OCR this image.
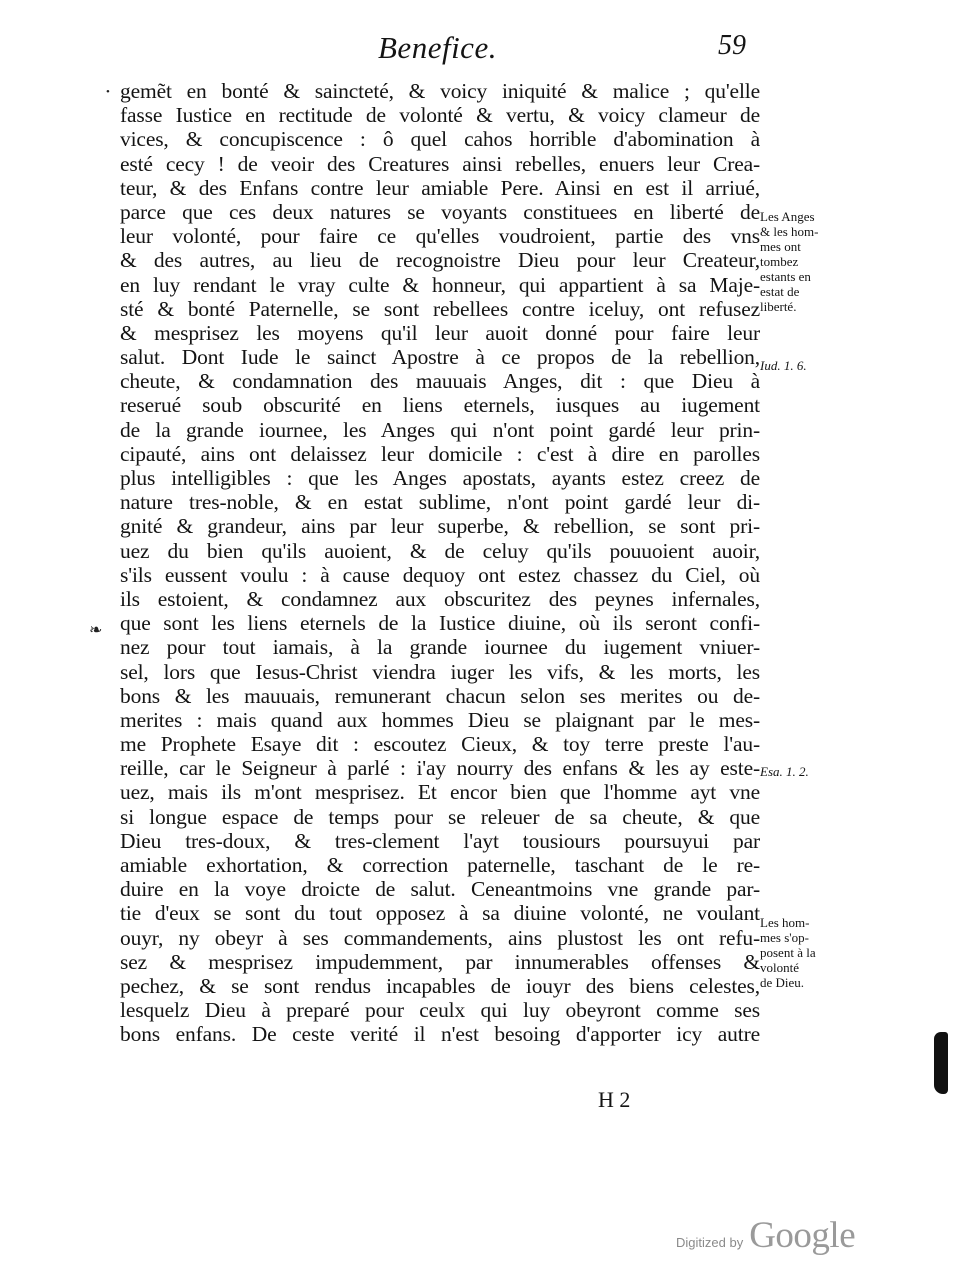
Benefice.	59
gemẽt en bonté & saincteté, & voicy iniquité & malice ; qu'elle
fasse Iustice en rectitude de volonté & vertu, & voicy clameur de
vices, & concupiscence : ô quel cahos horrible d'abomination à
esté cecy ! de veoir des Creatures ainsi rebelles, enuers leur Crea-
teur, & des Enfans contre leur amiable Pere. Ainsi en est il arriué,
parce que ces deux natures se voyants constituees en liberté de
leur volonté, pour faire ce qu'elles voudroient, partie des vns
& des autres, au lieu de recognoistre Dieu pour leur Createur,
en luy rendant le vray culte & honneur, qui appartient à sa Maje-
sté & bonté Paternelle, se sont rebellees contre iceluy, ont refusez
& mesprisez les moyens qu'il leur auoit donné pour faire leur
salut. Dont Iude le sainct Apostre à ce propos de la rebellion,
cheute, & condamnation des mauuais Anges, dit : que Dieu à
reserué soub obscurité en liens eternels, iusques au iugement
de la grande iournee, les Anges qui n'ont point gardé leur prin-
cipauté, ains ont delaissez leur domicile : c'est à dire en parolles
plus intelligibles : que les Anges apostats, ayants estez creez de
nature tres-noble, & en estat sublime, n'ont point gardé leur di-
gnité & grandeur, ains par leur superbe, & rebellion, se sont pri-
uez du bien qu'ils auoient, & de celuy qu'ils pouuoient auoir,
s'ils eussent voulu : à cause dequoy ont estez chassez du Ciel, où
ils estoient, & condamnez aux obscuritez des peynes infernales,
que sont les liens eternels de la Iustice diuine, où ils seront confi-
nez pour tout iamais, à la grande iournee du iugement vniuer-
sel, lors que Iesus-Christ viendra iuger les vifs, & les morts, les
bons & les mauuais, remunerant chacun selon ses merites ou de-
merites : mais quand aux hommes Dieu se plaignant par le mes-
me Prophete Esaye dit : escoutez Cieux, & toy terre preste l'au-
reille, car le Seigneur à parlé : i'ay nourry des enfans & les ay este-
uez, mais ils m'ont mesprisez. Et encor bien que l'homme ayt vne
si longue espace de temps pour se releuer de sa cheute, & que
Dieu tres-doux, & tres-clement l'ayt tousiours poursuyui par
amiable exhortation, & correction paternelle, taschant de le re-
duire en la voye droicte de salut. Ceneantmoins vne grande par-
tie d'eux se sont du tout opposez à sa diuine volonté, ne voulant
ouyr, ny obeyr à ses commandements, ains plustost les ont refu-
sez & mesprisez impudemment, par innumerables offenses &
pechez, & se sont rendus incapables de iouyr des biens celestes,
lesquelz Dieu à preparé pour ceulx qui luy obeyront comme ses
bons enfans. De ceste verité il n'est besoing d'apporter icy autre
Les Anges
& les hom-
mes ont
tombez
estants en
estat de
liberté.
Iud. 1. 6.
Esa. 1. 2.
Les hom-
mes s'op-
posent à la
volonté
de Dieu.
H 2
❧
•
Digitized by Google
